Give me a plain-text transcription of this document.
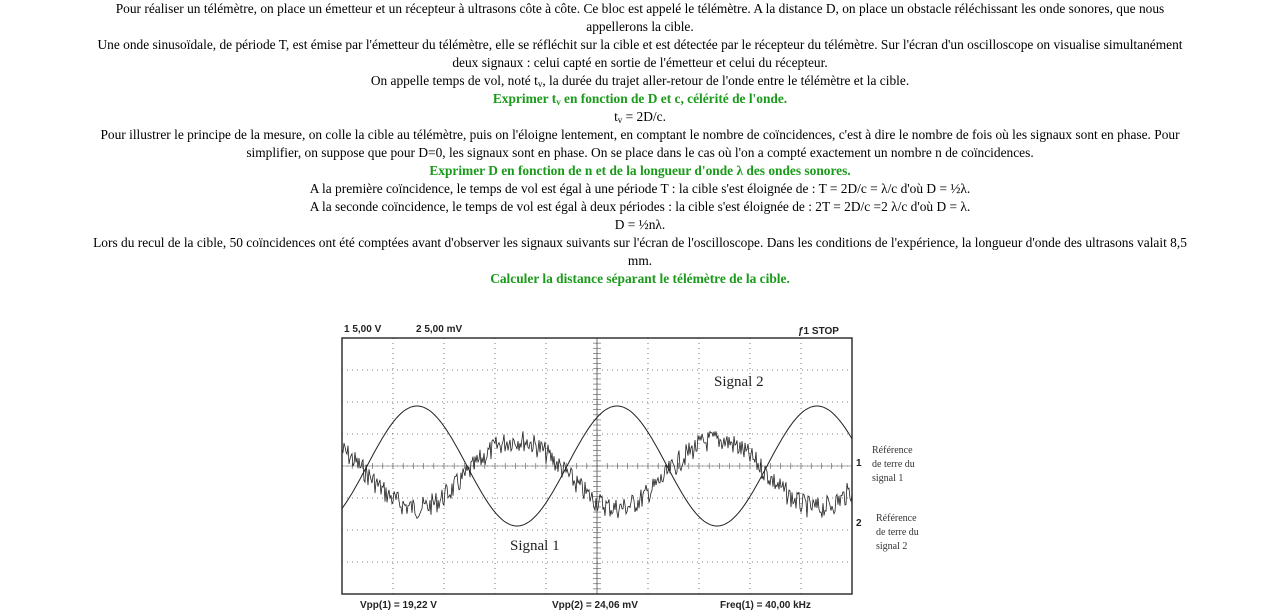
Pour réaliser un télémètre, on place un émetteur et un récepteur à ultrasons côte à côte. Ce bloc est appelé le télémètre. A la distance D, on place un obstacle réléchissant les onde sonores, que nous

appellerons la cible.

Une onde sinusoïdale, de période T, est émise par l'émetteur du télémètre, elle se réfléchit sur la cible et est détectée par le récepteur du télémètre. Sur l'écran d'un oscilloscope on visualise simultanément

deux signaux : celui capté en sortie de l'émetteur et celui du récepteur.

On appelle temps de vol, noté $t_v$, la durée du trajet aller-retour de l'onde entre le télémètre et la cible.

Exprimer $t_v$ en fonction de D et c, célérité de l'onde.

$t_v = 2D/c$.

Pour illustrer le principe de la mesure, on colle la cible au télémètre, puis on l'éloigne lentement, en comptant le nombre de coïncidences, c'est à dire le nombre de fois où les signaux sont en phase. Pour

simplifier, on suppose que pour D=0, les signaux sont en phase. On se place dans le cas où l'on a compté exactement un nombre n de coïncidences.

Exprimer D en fonction de n et de la longueur d'onde λ des ondes sonores.

A la première coïncidence, le temps de vol est égal à une période T : la cible s'est éloignée de : T = 2D/c = λ/c d'où D = ½λ.

A la seconde coïncidence, le temps de vol est égal à deux périodes : la cible s'est éloignée de : 2T = 2D/c =2 λ/c d'où D = λ.

D = ½nλ.

Lors du recul de la cible, 50 coïncidences ont été comptées avant d'observer les signaux suivants sur l'écran de l'oscilloscope. Dans les conditions de l'expérience, la longueur d'onde des ultrasons valait 8,5

mm.

Calculer la distance séparant le télémètre de la cible.

1 5,00 V	2 5,00 mV	ƒ1 STOP
Signal 2
Signal 1
1
2
Référence
de terre du
signal 1
Référence
de terre du
signal 2
Vpp(1) = 19,22 V	Vpp(2) = 24,06 mV	Freq(1) = 40,00 kHz
